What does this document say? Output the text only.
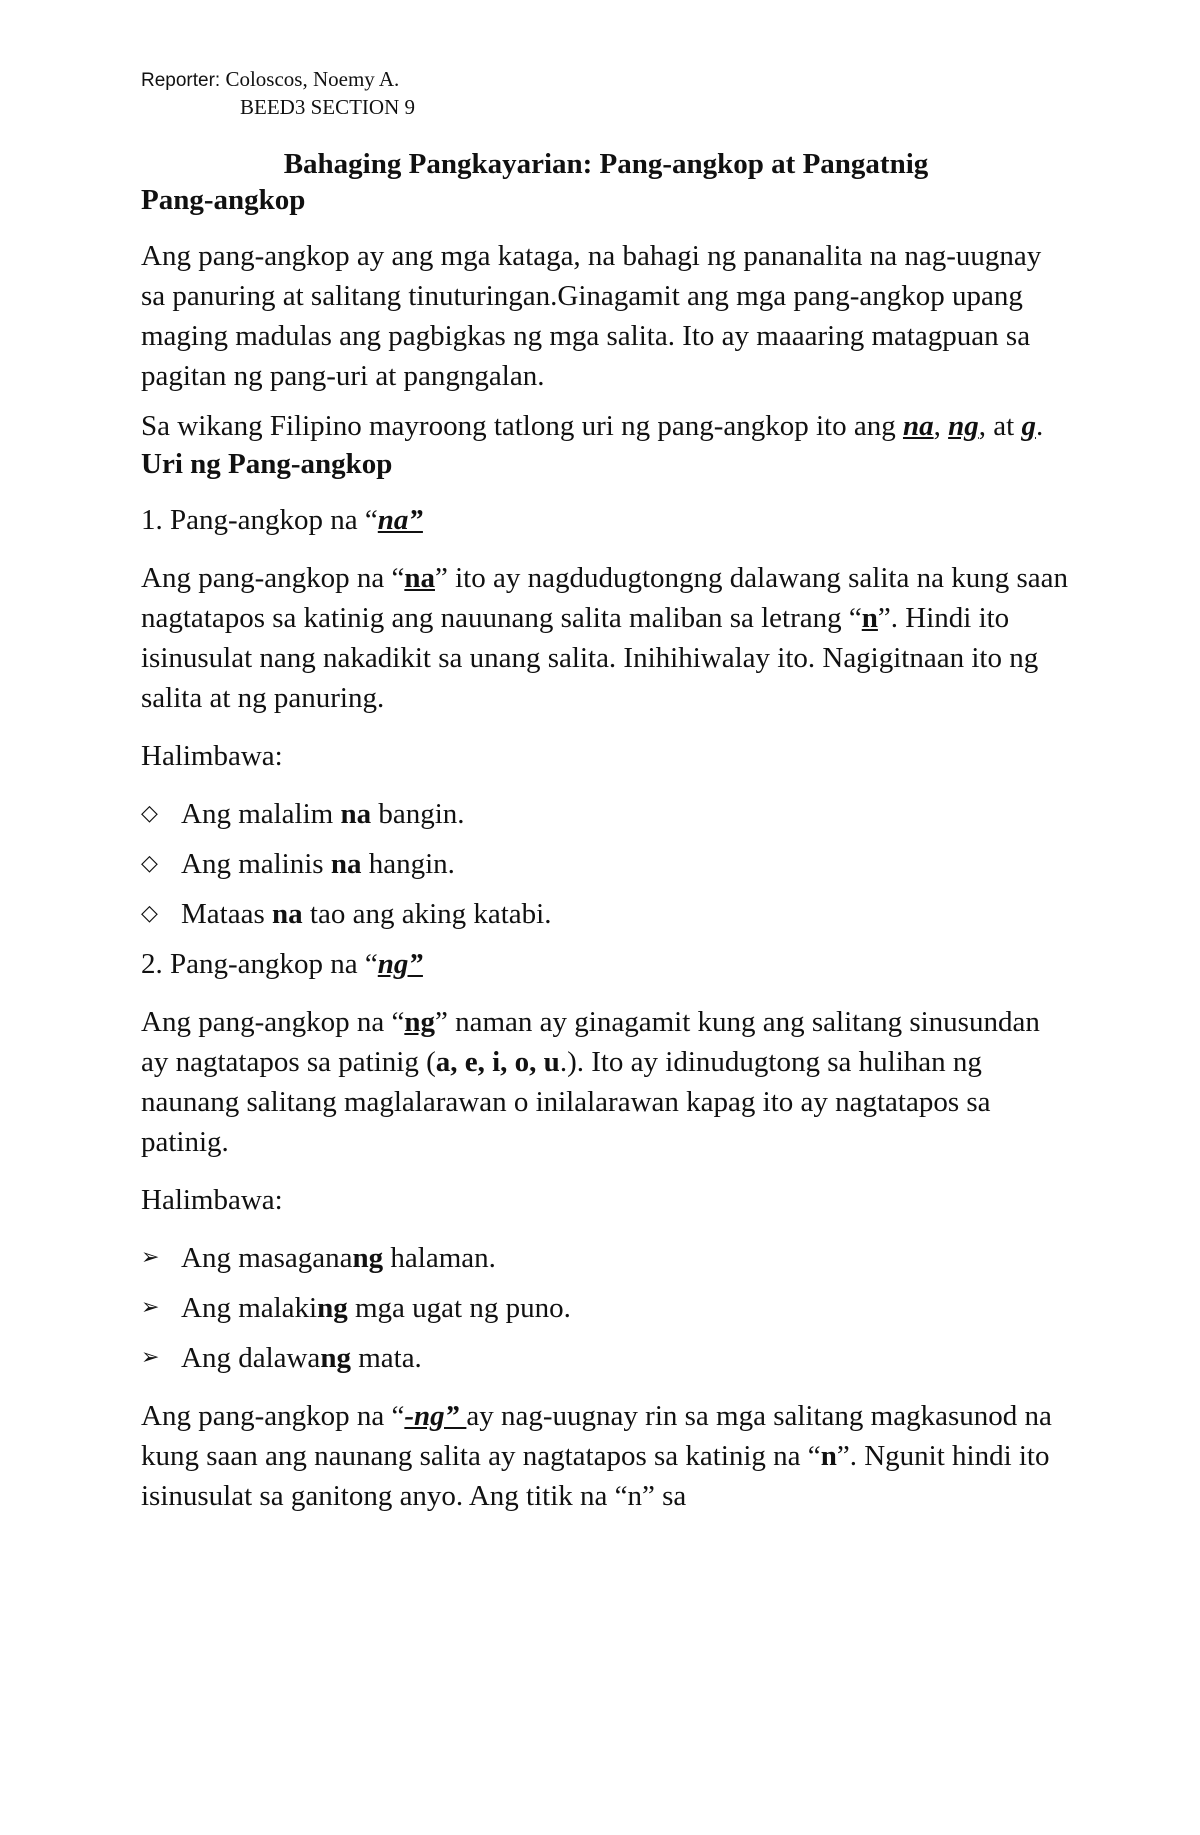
Reporter: Coloscos, Noemy A.
BEED3 SECTION 9
Bahaging Pangkayarian: Pang-angkop at Pangatnig
Pang-angkop

Ang pang-angkop ay ang mga kataga, na bahagi ng pananalita na nag-uugnay sa panuring at salitang tinuturingan.Ginagamit ang mga pang-angkop upang maging madulas ang pagbigkas ng mga salita. Ito ay maaaring matagpuan sa pagitan ng pang-uri at pangngalan.

Sa wikang Filipino mayroong tatlong uri ng pang-angkop ito ang na, ng, at g.

Uri ng Pang-angkop

1. Pang-angkop na “na”

Ang pang-angkop na “na” ito ay nagdudugtongng dalawang salita na kung saan nagtatapos sa katinig ang nauunang salita maliban sa letrang “n”. Hindi ito isinusulat nang nakadikit sa unang salita. Inihihiwalay ito. Nagigitnaan ito ng salita at ng panuring.

Halimbawa:

◇ Ang malalim na bangin.
◇ Ang malinis na hangin.
◇ Mataas na tao ang aking katabi.

2. Pang-angkop na “ng”

Ang pang-angkop na “ng” naman ay ginagamit kung ang salitang sinusundan ay nagtatapos sa patinig (a, e, i, o, u.). Ito ay idinudugtong sa hulihan ng naunang salitang maglalarawan o inilalarawan kapag ito ay nagtatapos sa patinig.

Halimbawa:

➢ Ang masaganang halaman.
➢ Ang malaking mga ugat ng puno.
➢ Ang dalawang mata.

Ang pang-angkop na “-ng” ay nag-uugnay rin sa mga salitang magkasunod na kung saan ang naunang salita ay nagtatapos sa katinig na “n”. Ngunit hindi ito isinusulat sa ganitong anyo. Ang titik na “n” sa
